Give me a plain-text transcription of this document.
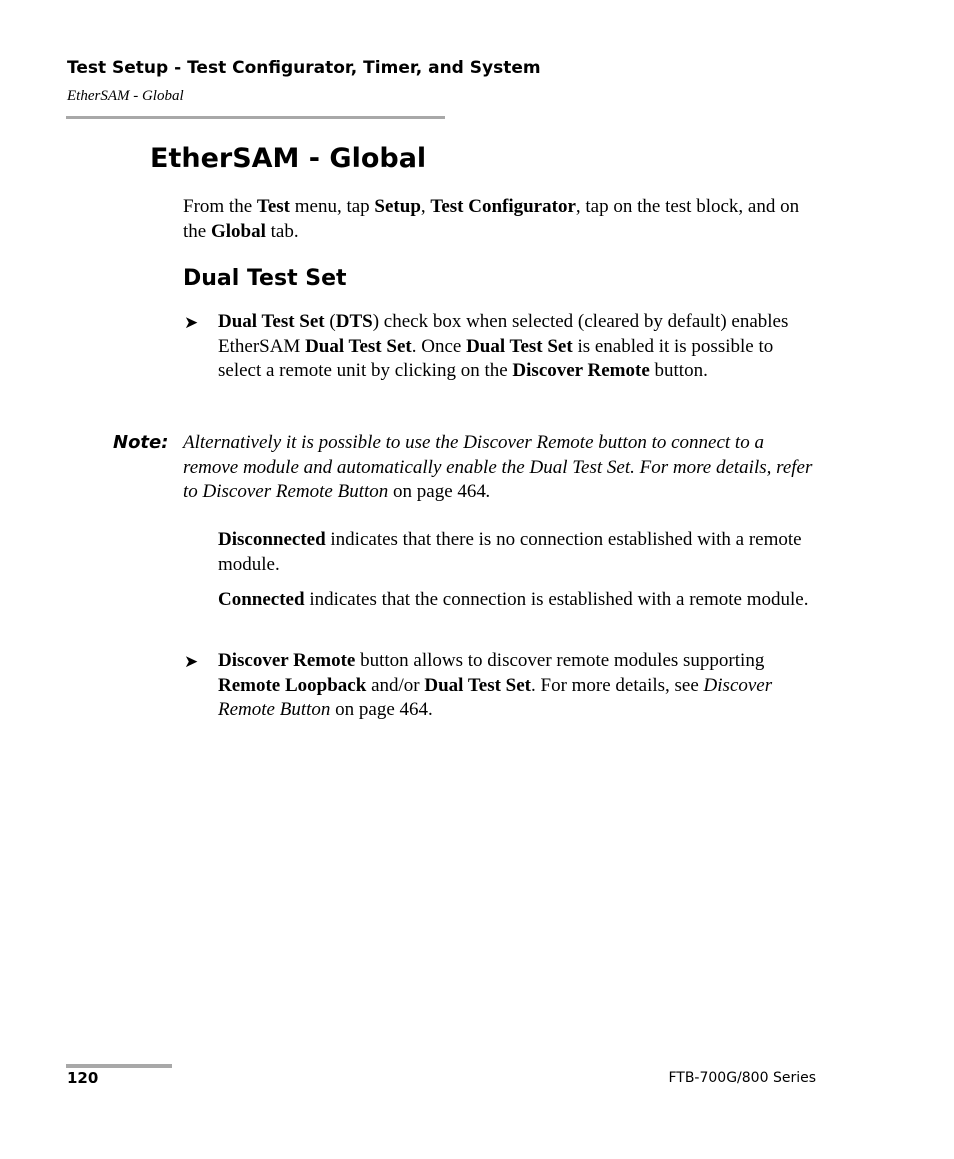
Test Setup - Test Configurator, Timer, and System
EtherSAM - Global
EtherSAM - Global
From the Test menu, tap Setup, Test Configurator, tap on the test block, and on the Global tab.
Dual Test Set
➤ Dual Test Set (DTS) check box when selected (cleared by default) enables EtherSAM Dual Test Set. Once Dual Test Set is enabled it is possible to select a remote unit by clicking on the Discover Remote button.
Note: Alternatively it is possible to use the Discover Remote button to connect to a remove module and automatically enable the Dual Test Set. For more details, refer to Discover Remote Button on page 464.
Disconnected indicates that there is no connection established with a remote module.
Connected indicates that the connection is established with a remote module.
➤ Discover Remote button allows to discover remote modules supporting Remote Loopback and/or Dual Test Set. For more details, see Discover Remote Button on page 464.
120	FTB-700G/800 Series
